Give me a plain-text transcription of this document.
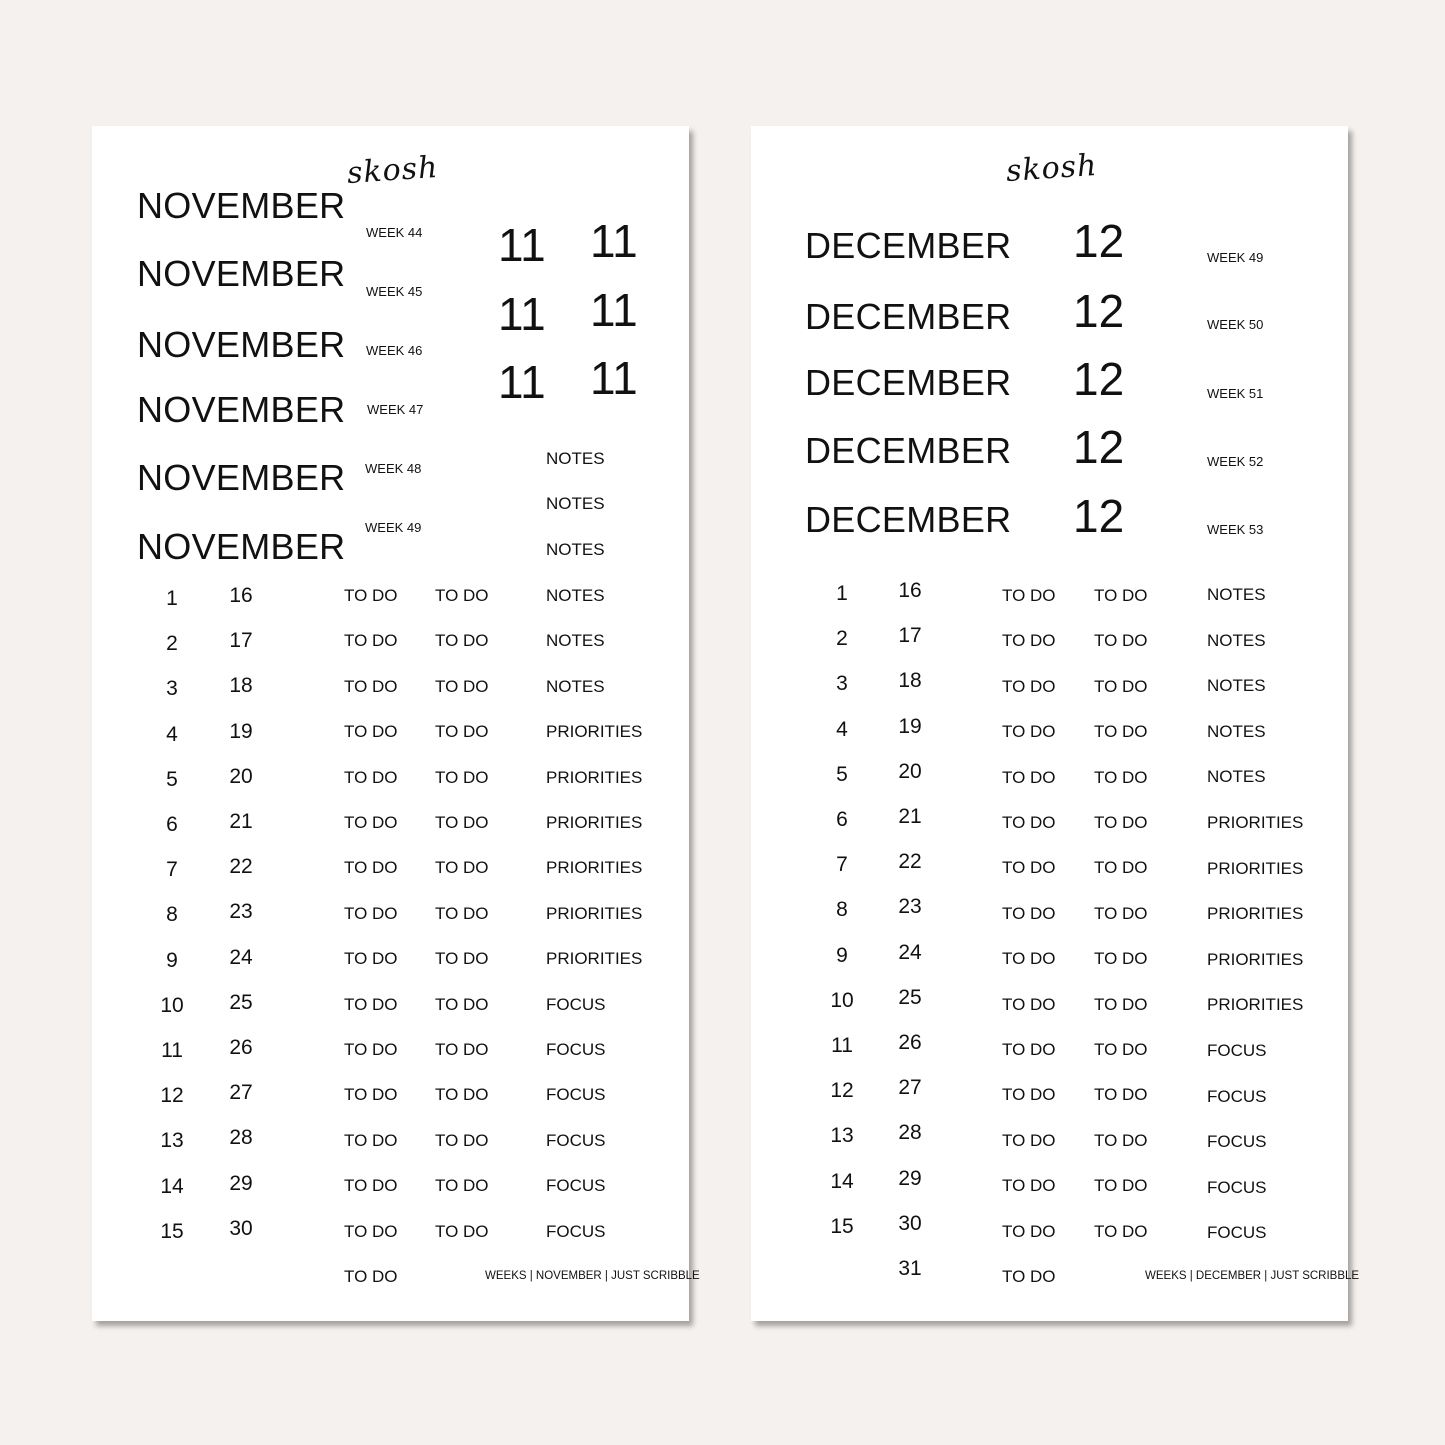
skosh
NOVEMBER
NOVEMBER
NOVEMBER
NOVEMBER
NOVEMBER
NOVEMBER
WEEK 44
WEEK 45
WEEK 46
WEEK 47
WEEK 48
WEEK 49
11 11
11 11
11 11
NOTES
NOTES
NOTES
1
2
3
4
5
6
7
8
9
10
11
12
13
14
15
16
17
18
19
20
21
22
23
24
25
26
27
28
29
30
TO DO
TO DO
TO DO
TO DO
TO DO
TO DO
TO DO
TO DO
TO DO
TO DO
TO DO
TO DO
TO DO
TO DO
TO DO
TO DO
TO DO
TO DO
TO DO
TO DO
TO DO
TO DO
TO DO
TO DO
TO DO
TO DO
TO DO
TO DO
TO DO
TO DO
TO DO
NOTES
NOTES
NOTES
PRIORITIES
PRIORITIES
PRIORITIES
PRIORITIES
PRIORITIES
PRIORITIES
FOCUS
FOCUS
FOCUS
FOCUS
FOCUS
FOCUS
WEEKS | NOVEMBER | JUST SCRIBBLE
skosh
DECEMBER
DECEMBER
DECEMBER
DECEMBER
DECEMBER
12
12
12
12
12
WEEK 49
WEEK 50
WEEK 51
WEEK 52
WEEK 53
1
2
3
4
5
6
7
8
9
10
11
12
13
14
15
16
17
18
19
20
21
22
23
24
25
26
27
28
29
30
31
TO DO
TO DO
TO DO
TO DO
TO DO
TO DO
TO DO
TO DO
TO DO
TO DO
TO DO
TO DO
TO DO
TO DO
TO DO
TO DO
TO DO
TO DO
TO DO
TO DO
TO DO
TO DO
TO DO
TO DO
TO DO
TO DO
TO DO
TO DO
TO DO
TO DO
TO DO
NOTES
NOTES
NOTES
NOTES
NOTES
PRIORITIES
PRIORITIES
PRIORITIES
PRIORITIES
PRIORITIES
FOCUS
FOCUS
FOCUS
FOCUS
FOCUS
WEEKS | DECEMBER | JUST SCRIBBLE
